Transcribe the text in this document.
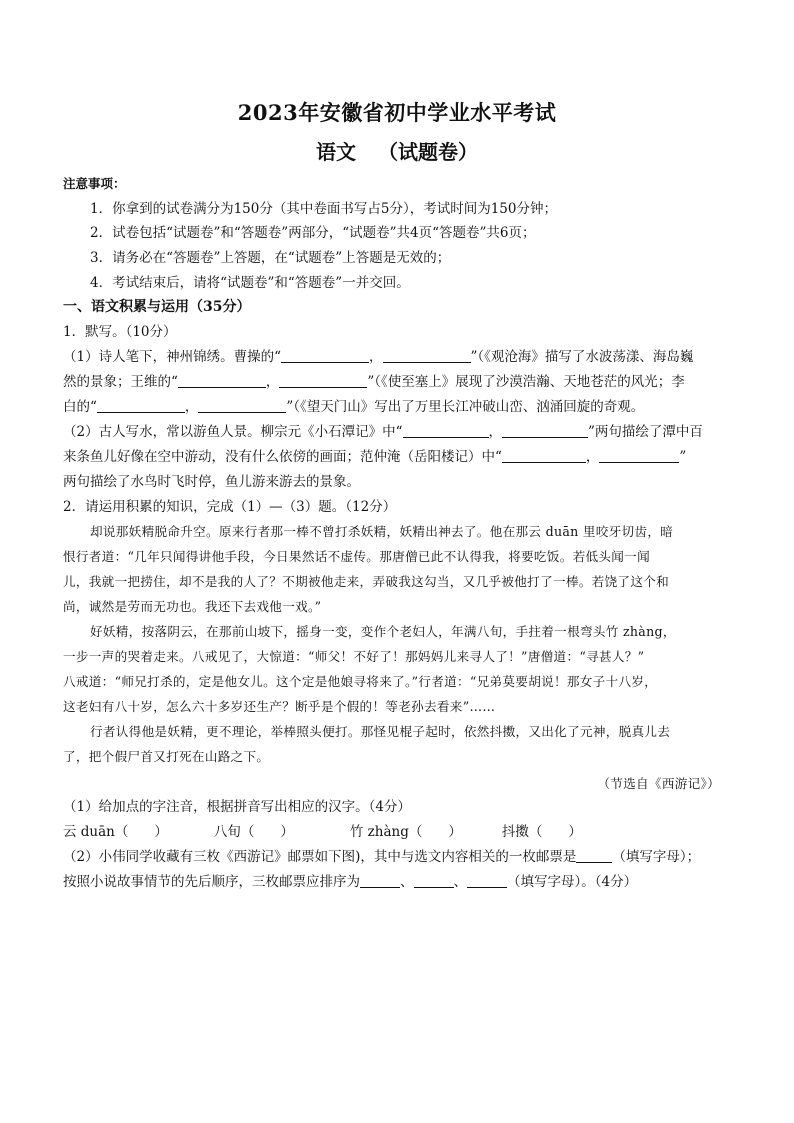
2023年安徽省初中学业水平考试
语文 （试题卷）
注意事项：
1．你拿到的试卷满分为150分（其中卷面书写占5分），考试时间为150分钟；
2．试卷包括“试题卷”和“答题卷”两部分，“试题卷”共4页“答题卷”共6页；
3．请务必在“答题卷”上答题，在“试题卷”上答题是无效的；
4．考试结束后，请将“试题卷”和“答题卷”一并交回。
一、语文积累与运用（35分）
1．默写。（10分）
（1）诗人笔下，神州锦绣。曹操的“	，	”（《观沧海》描写了水波荡漾、海岛巍
然的景象；王维的“	，	”（《使至塞上》展现了沙漠浩瀚、天地苍茫的风光；李
白的“	，	”（《望天门山》写出了万里长江冲破山峦、汹涌回旋的奇观。
（2）古人写水，常以游鱼人景。柳宗元《小石潭记》中“	，	”两句描绘了潭中百
来条鱼儿好像在空中游动，没有什么依傍的画面；范仲淹（岳阳楼记）中“	，	”
两句描绘了水鸟时飞时停，鱼儿游来游去的景象。
2．请运用积累的知识，完成（1）—（3）题。（12分）
却说那妖精脱命升空。原来行者那一棒不曾打杀妖精，妖精出神去了。他在那云 duān 里咬牙切齿，暗
恨行者道：“几年只闻得讲他手段，今日果然话不虚传。那唐僧已此不认得我，将要吃饭。若低头闻一闻
儿，我就一把捞住，却不是我的人了？不期被他走来，弄破我这勾当，又几乎被他打了一棒。若饶了这个和
尚，诚然是劳而无功也。我还下去戏他一戏。”
好妖精，按落阴云，在那前山坡下，摇身一变，变作个老妇人，年满八旬，手拄着一根弯头竹 zhàng，
一步一声的哭着走来。八戒见了，大惊道：“师父！不好了！那妈妈儿来寻人了！”唐僧道：“寻甚人？”
八戒道：“师兄打杀的，定是他女儿。这个定是他娘寻将来了。”行者道：“兄弟莫要胡说！那女子十八岁，
这老妇有八十岁，怎么六十多岁还生产？断乎是个假的！等老孙去看来”……
行者认得他是妖精，更不理论，举棒照头便打。那怪见棍子起时，依然抖擞，又出化了元神，脱真儿去
了，把个假尸首又打死在山路之下。
（节选自《西游记》）
（1）给加点的字注音，根据拼音写出相应的汉字。（4分）
云 duān（ ）	八旬（ ）	竹 zhàng（ ）	抖擞（ ）
（2）小伟同学收藏有三枚《西游记》邮票如下图)，其中与选文内容相关的一枚邮票是	（填写字母）；
按照小说故事情节的先后顺序，三枚邮票应排序为	、	、	（填写字母）。（4分）
